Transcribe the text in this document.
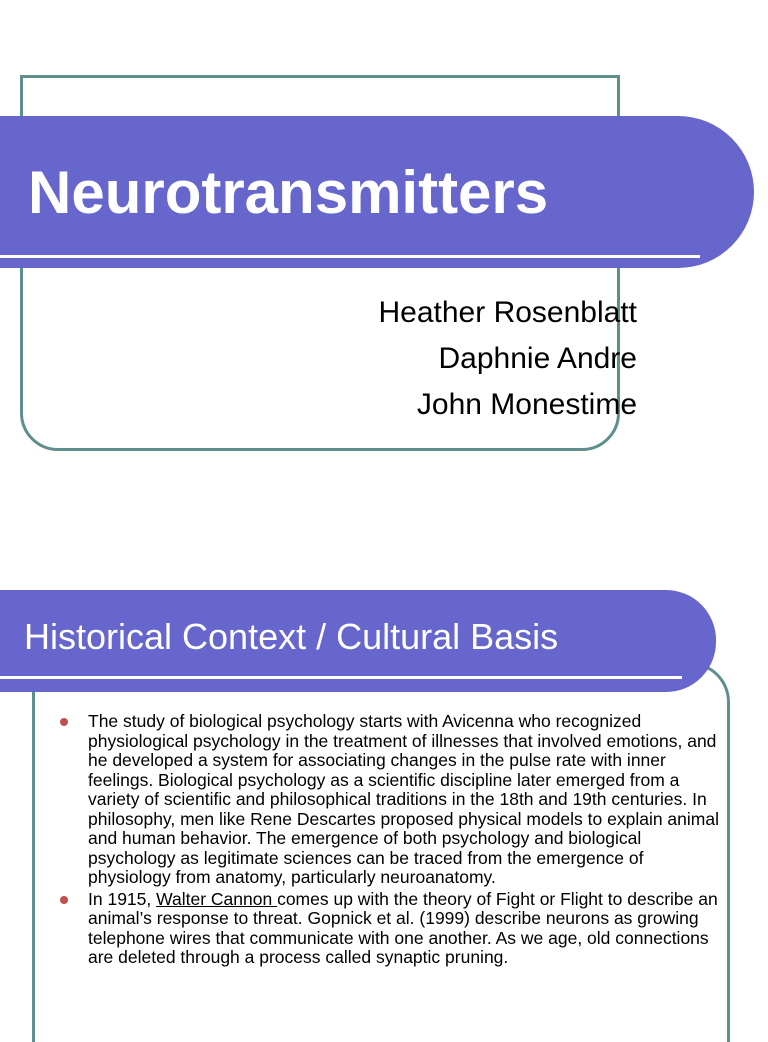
Neurotransmitters
Heather Rosenblatt
Daphnie Andre
John Monestime
Historical Context / Cultural Basis
The study of biological psychology starts with Avicenna who recognized physiological psychology in the treatment of illnesses that involved emotions, and he developed a system for associating changes in the pulse rate with inner feelings. Biological psychology as a scientific discipline later emerged from a variety of scientific and philosophical traditions in the 18th and 19th centuries. In philosophy, men like Rene Descartes proposed physical models to explain animal and human behavior. The emergence of both psychology and biological psychology as legitimate sciences can be traced from the emergence of physiology from anatomy, particularly neuroanatomy.
In 1915, Walter Cannon comes up with the theory of Fight or Flight to describe an animal’s response to threat. Gopnick et al. (1999) describe neurons as growing telephone wires that communicate with one another. As we age, old connections are deleted through a process called synaptic pruning.
